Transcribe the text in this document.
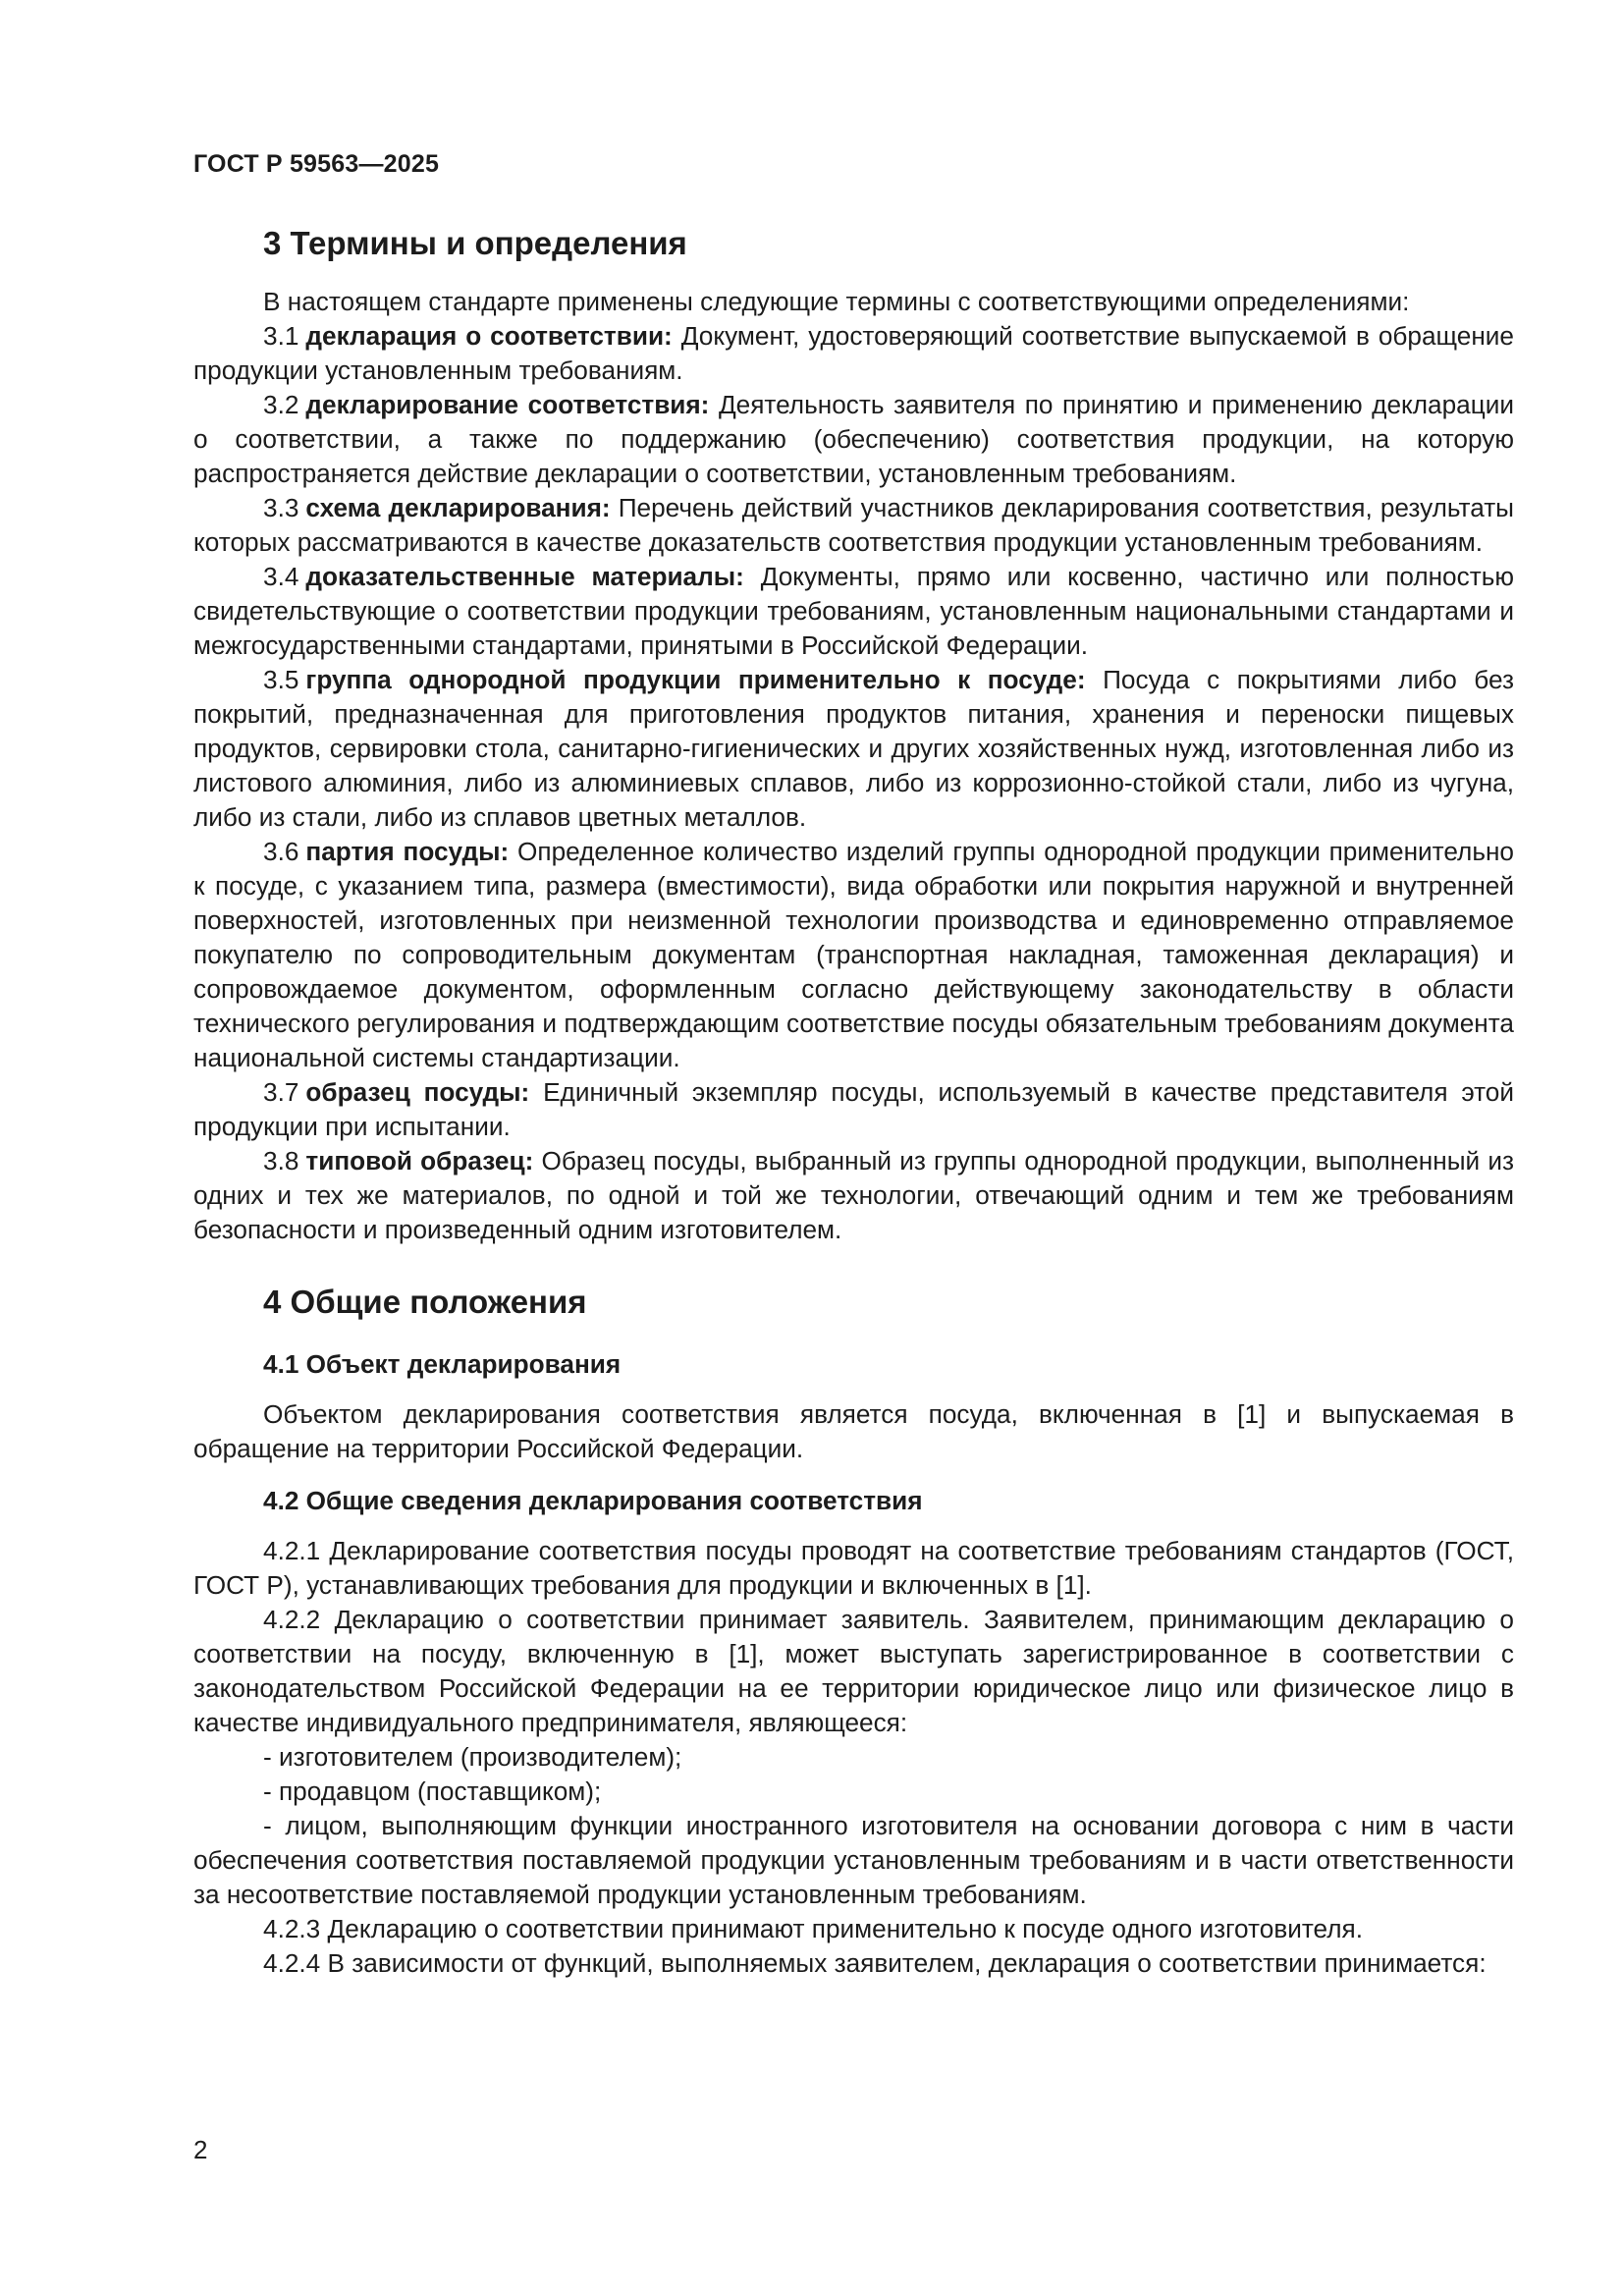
ГОСТ Р 59563—2025
3 Термины и определения

В настоящем стандарте применены следующие термины с соответствующими определениями:

3.1 декларация о соответствии: Документ, удостоверяющий соответствие выпускаемой в обращение продукции установленным требованиям.

3.2 декларирование соответствия: Деятельность заявителя по принятию и применению декларации о соответствии, а также по поддержанию (обеспечению) соответствия продукции, на которую распространяется действие декларации о соответствии, установленным требованиям.

3.3 схема декларирования: Перечень действий участников декларирования соответствия, результаты которых рассматриваются в качестве доказательств соответствия продукции установленным требованиям.

3.4 доказательственные материалы: Документы, прямо или косвенно, частично или полностью свидетельствующие о соответствии продукции требованиям, установленным национальными стандартами и межгосударственными стандартами, принятыми в Российской Федерации.

3.5 группа однородной продукции применительно к посуде: Посуда с покрытиями либо без покрытий, предназначенная для приготовления продуктов питания, хранения и переноски пищевых продуктов, сервировки стола, санитарно-гигиенических и других хозяйственных нужд, изготовленная либо из листового алюминия, либо из алюминиевых сплавов, либо из коррозионно-стойкой стали, либо из чугуна, либо из стали, либо из сплавов цветных металлов.

3.6 партия посуды: Определенное количество изделий группы однородной продукции применительно к посуде, с указанием типа, размера (вместимости), вида обработки или покрытия наружной и внутренней поверхностей, изготовленных при неизменной технологии производства и единовременно отправляемое покупателю по сопроводительным документам (транспортная накладная, таможенная декларация) и сопровождаемое документом, оформленным согласно действующему законодательству в области технического регулирования и подтверждающим соответствие посуды обязательным требованиям документа национальной системы стандартизации.

3.7 образец посуды: Единичный экземпляр посуды, используемый в качестве представителя этой продукции при испытании.

3.8 типовой образец: Образец посуды, выбранный из группы однородной продукции, выполненный из одних и тех же материалов, по одной и той же технологии, отвечающий одним и тем же требованиям безопасности и произведенный одним изготовителем.

4 Общие положения
4.1 Объект декларирования

Объектом декларирования соответствия является посуда, включенная в [1] и выпускаемая в обращение на территории Российской Федерации.

4.2 Общие сведения декларирования соответствия

4.2.1 Декларирование соответствия посуды проводят на соответствие требованиям стандартов (ГОСТ, ГОСТ Р), устанавливающих требования для продукции и включенных в [1].

4.2.2 Декларацию о соответствии принимает заявитель. Заявителем, принимающим декларацию о соответствии на посуду, включенную в [1], может выступать зарегистрированное в соответствии с законодательством Российской Федерации на ее территории юридическое лицо или физическое лицо в качестве индивидуального предпринимателя, являющееся:

- изготовителем (производителем);

- продавцом (поставщиком);

- лицом, выполняющим функции иностранного изготовителя на основании договора с ним в части обеспечения соответствия поставляемой продукции установленным требованиям и в части ответственности за несоответствие поставляемой продукции установленным требованиям.

4.2.3 Декларацию о соответствии принимают применительно к посуде одного изготовителя.

4.2.4 В зависимости от функций, выполняемых заявителем, декларация о соответствии принимается:

2
